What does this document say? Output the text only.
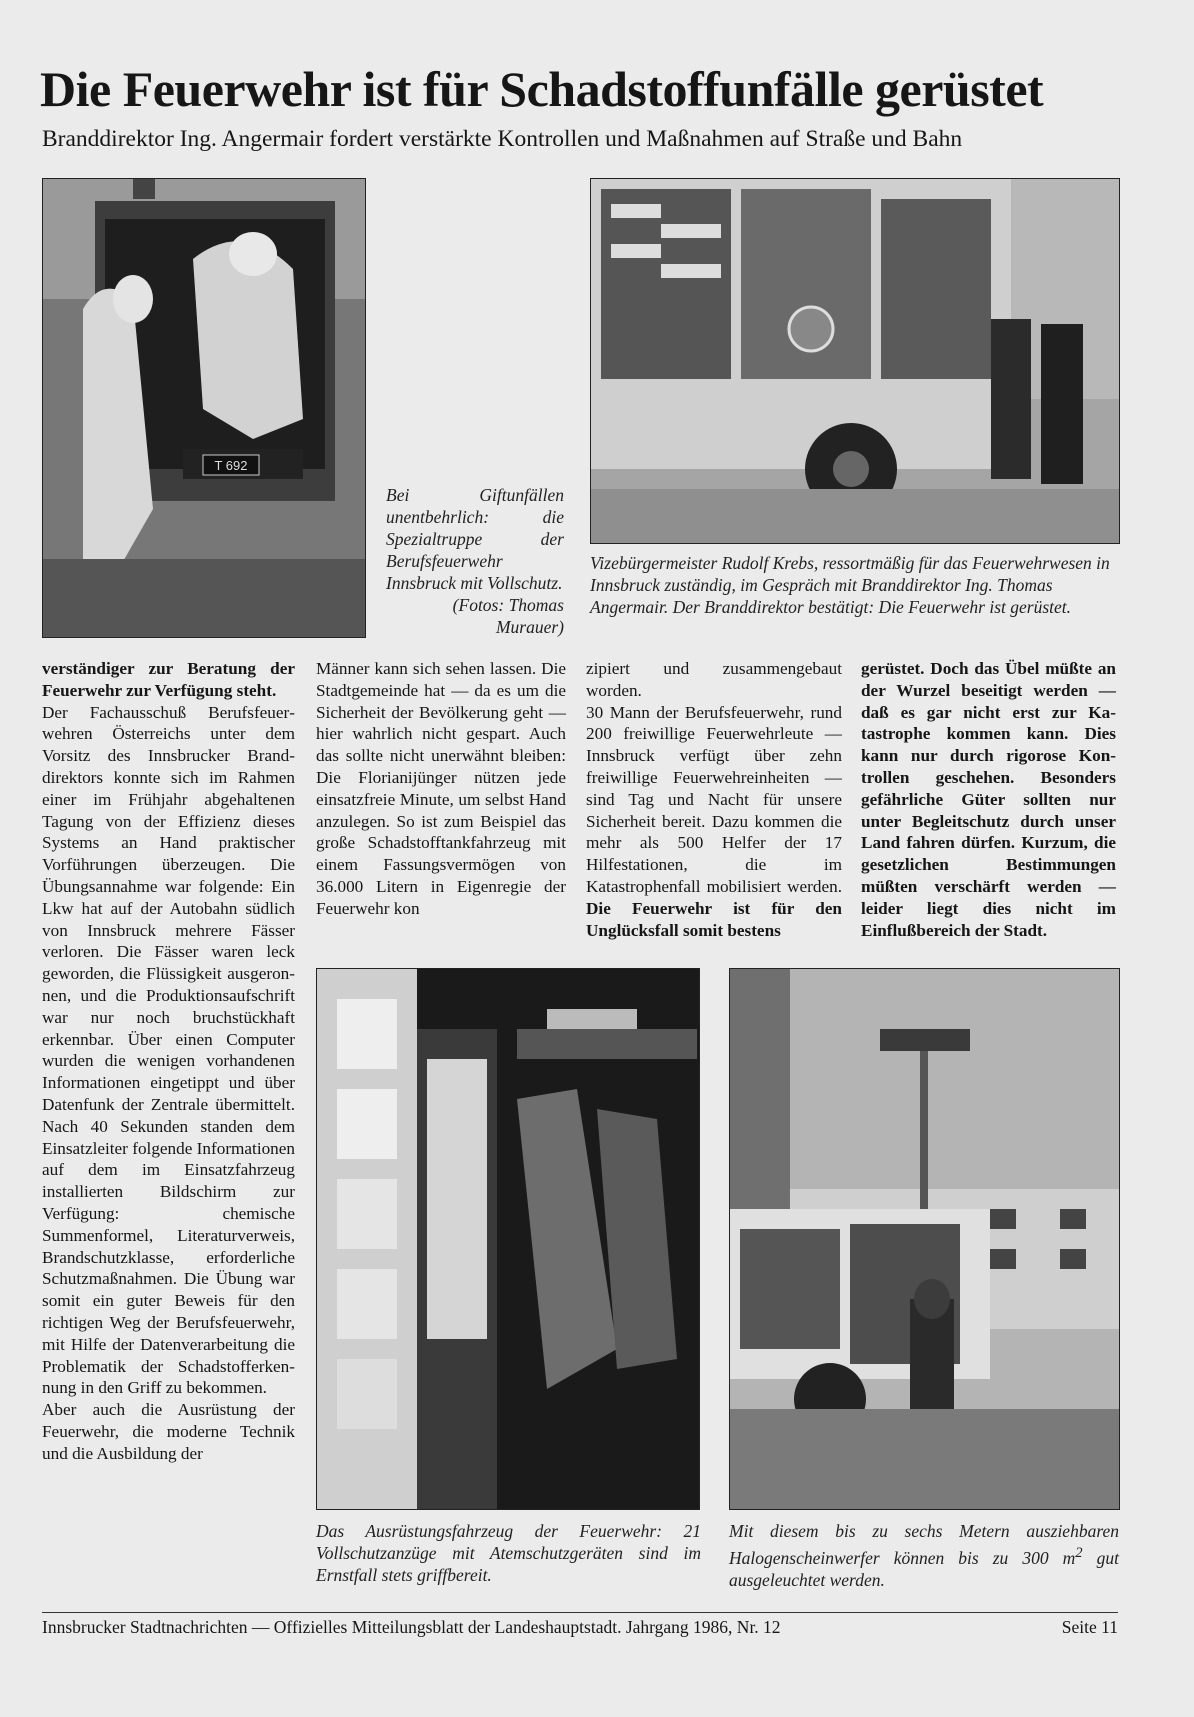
Die Feuerwehr ist für Schadstoffunfälle gerüstet
Branddirektor Ing. Angermair fordert verstärkte Kontrollen und Maßnahmen auf Straße und Bahn
T 692

Bei Giftunfällen unentbehrlich: die Spezialtruppe der Berufsfeuerwehr Innsbruck mit Vollschutz.

(Fotos: Thomas Murauer)

Vizebürgermeister Rudolf Krebs, ressortmäßig für das Feuerwehrwesen in Innsbruck zuständig, im Gespräch mit Branddirektor Ing. Thomas Angermair. Der Branddirektor bestätigt: Die Feuerwehr ist gerüstet.

verständiger zur Beratung der Feuerwehr zur Verfügung steht.

Der Fachausschuß Berufsfeuerwehren Österreichs unter dem Vorsitz des Innsbrucker Branddirektors konnte sich im Rahmen einer im Frühjahr abgehaltenen Tagung von der Effizienz dieses Systems an Hand praktischer Vorführungen überzeugen. Die Übungsannahme war folgende: Ein Lkw hat auf der Autobahn südlich von Innsbruck mehrere Fässer verloren. Die Fässer waren leck geworden, die Flüssigkeit ausgeronnen, und die Produktionsaufschrift war nur noch bruchstückhaft erkennbar. Über einen Computer wurden die wenigen vorhandenen Informationen eingetippt und über Datenfunk der Zentrale übermittelt. Nach 40 Sekunden standen dem Einsatzleiter folgende Informationen auf dem im Einsatzfahrzeug installierten Bildschirm zur Verfügung: chemische Summenformel, Literaturverweis, Brandschutzklasse, erforderliche Schutzmaßnahmen. Die Übung war somit ein guter Beweis für den richtigen Weg der Berufsfeuerwehr, mit Hilfe der Datenverarbeitung die Problematik der Schadstofferkennung in den Griff zu bekommen.

Aber auch die Ausrüstung der Feuerwehr, die moderne Technik und die Ausbildung der

Männer kann sich sehen lassen. Die Stadtgemeinde hat — da es um die Sicherheit der Bevölkerung geht — hier wahrlich nicht gespart. Auch das sollte nicht unerwähnt bleiben: Die Florianijünger nützen jede einsatzfreie Minute, um selbst Hand anzulegen. So ist zum Beispiel das große Schadstofftankfahrzeug mit einem Fassungsvermögen von 36.000 Litern in Eigenregie der Feuerwehr kon

zipiert und zusammengebaut worden.

30 Mann der Berufsfeuerwehr, rund 200 freiwillige Feuerwehrleute — Innsbruck verfügt über zehn freiwillige Feuerwehreinheiten — sind Tag und Nacht für unsere Sicherheit bereit. Dazu kommen die mehr als 500 Helfer der 17 Hilfestationen, die im Katastrophenfall mobilisiert werden. Die Feuerwehr ist für den Unglücksfall somit bestens

gerüstet. Doch das Übel müßte an der Wurzel beseitigt werden — daß es gar nicht erst zur Katastrophe kommen kann. Dies kann nur durch rigorose Kontrollen geschehen. Besonders gefährliche Güter sollten nur unter Begleitschutz durch unser Land fahren dürfen. Kurzum, die gesetzlichen Bestimmungen müßten verschärft werden — leider liegt dies nicht im Einflußbereich der Stadt.

Das Ausrüstungsfahrzeug der Feuerwehr: 21 Vollschutzanzüge mit Atemschutzgeräten sind im Ernstfall stets griffbereit.
Mit diesem bis zu sechs Metern ausziehbaren Halogenscheinwerfer können bis zu 300 $m^2$ gut ausgeleuchtet werden.
Innsbrucker Stadtnachrichten — Offizielles Mitteilungsblatt der Landeshauptstadt. Jahrgang 1986, Nr. 12	Seite 11
